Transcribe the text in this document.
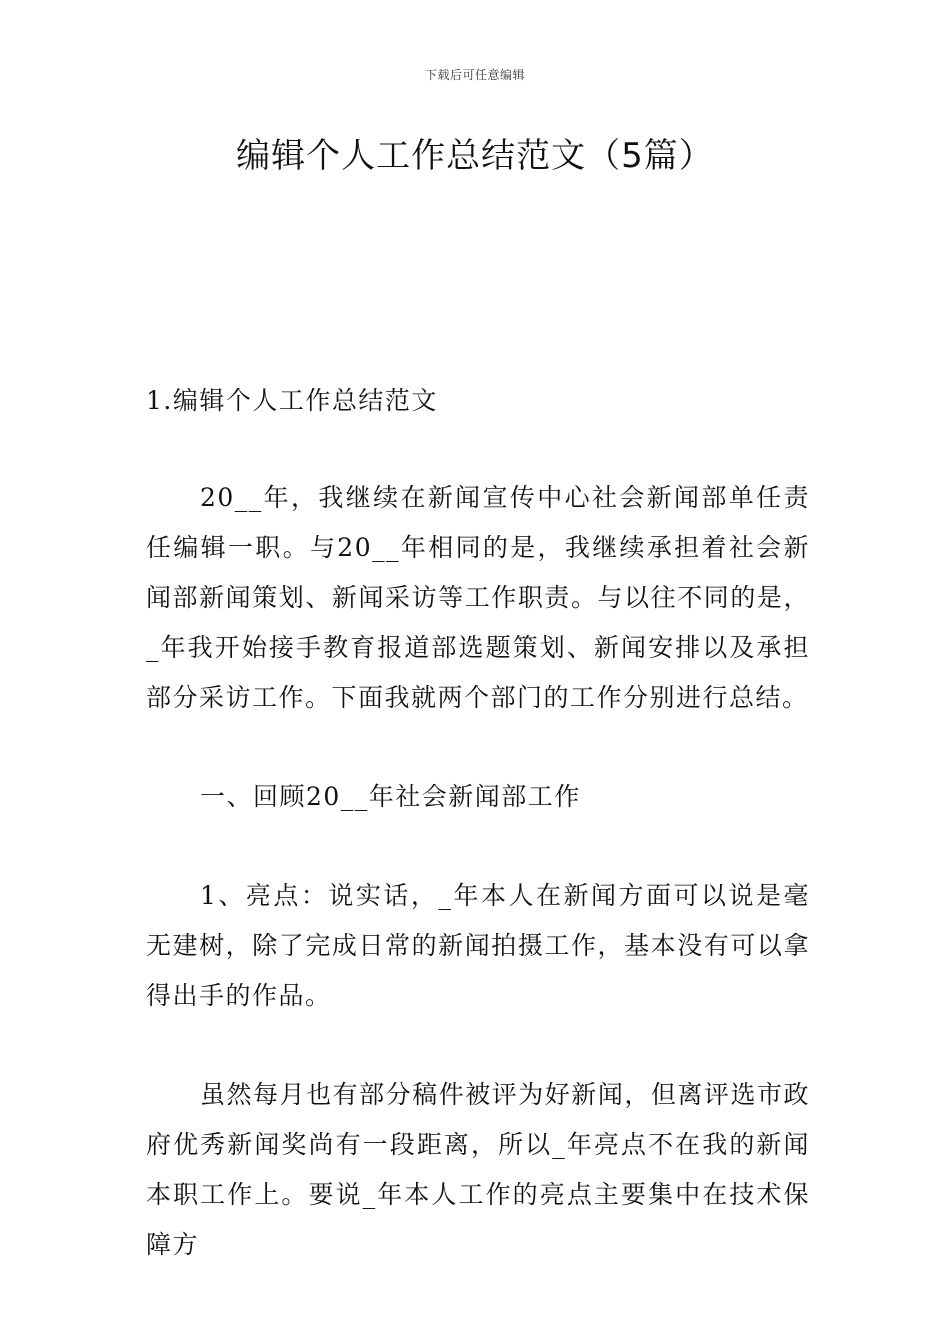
下载后可任意编辑
编辑个人工作总结范文（5篇）

1.编辑个人工作总结范文

20__年，我继续在新闻宣传中心社会新闻部单任责任编辑一职。与20__年相同的是，我继续承担着社会新闻部新闻策划、新闻采访等工作职责。与以往不同的是，_年我开始接手教育报道部选题策划、新闻安排以及承担部分采访工作。下面我就两个部门的工作分别进行总结。

一、回顾20__年社会新闻部工作

1、亮点：说实话，_年本人在新闻方面可以说是毫无建树，除了完成日常的新闻拍摄工作，基本没有可以拿得出手的作品。

虽然每月也有部分稿件被评为好新闻，但离评选市政府优秀新闻奖尚有一段距离，所以_年亮点不在我的新闻本职工作上。要说_年本人工作的亮点主要集中在技术保障方
